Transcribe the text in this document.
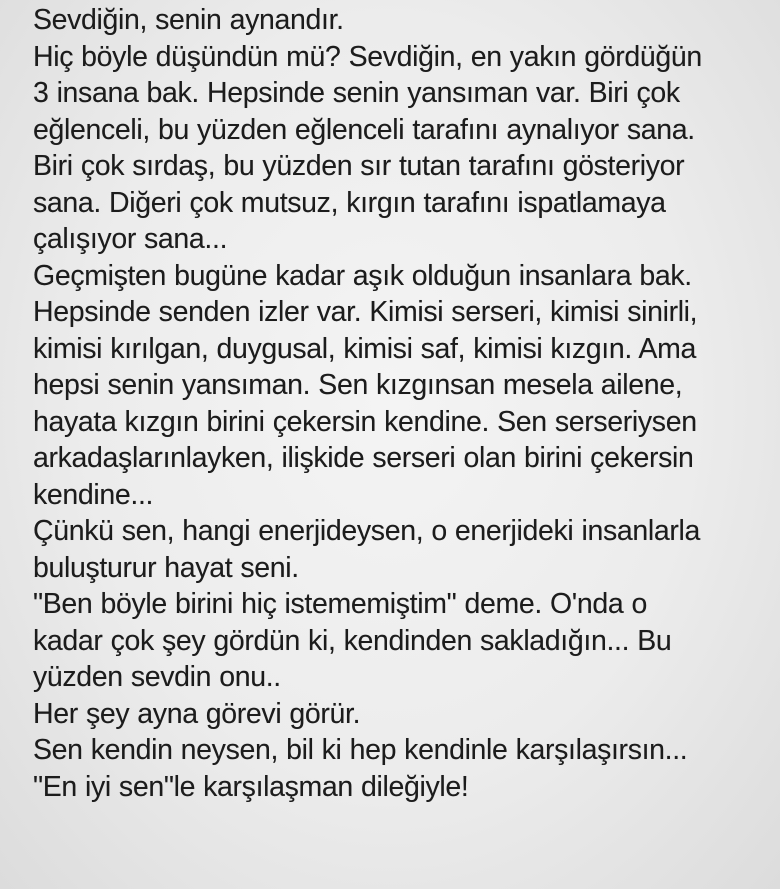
Sevdiğin, senin aynandır.
Hiç böyle düşündün mü? Sevdiğin, en yakın gördüğün
3 insana bak. Hepsinde senin yansıman var. Biri çok
eğlenceli, bu yüzden eğlenceli tarafını aynalıyor sana.
Biri çok sırdaş, bu yüzden sır tutan tarafını gösteriyor
sana. Diğeri çok mutsuz, kırgın tarafını ispatlamaya
çalışıyor sana...
Geçmişten bugüne kadar aşık olduğun insanlara bak.
Hepsinde senden izler var. Kimisi serseri, kimisi sinirli,
kimisi kırılgan, duygusal, kimisi saf, kimisi kızgın. Ama
hepsi senin yansıman. Sen kızgınsan mesela ailene,
hayata kızgın birini çekersin kendine. Sen serseriysen
arkadaşlarınlayken, ilişkide serseri olan birini çekersin
kendine...
Çünkü sen, hangi enerjideysen, o enerjideki insanlarla
buluşturur hayat seni.
"Ben böyle birini hiç istememiştim" deme. O'nda o
kadar çok şey gördün ki, kendinden sakladığın... Bu
yüzden sevdin onu..
Her şey ayna görevi görür.
Sen kendin neysen, bil ki hep kendinle karşılaşırsın...
"En iyi sen"le karşılaşman dileğiyle!
